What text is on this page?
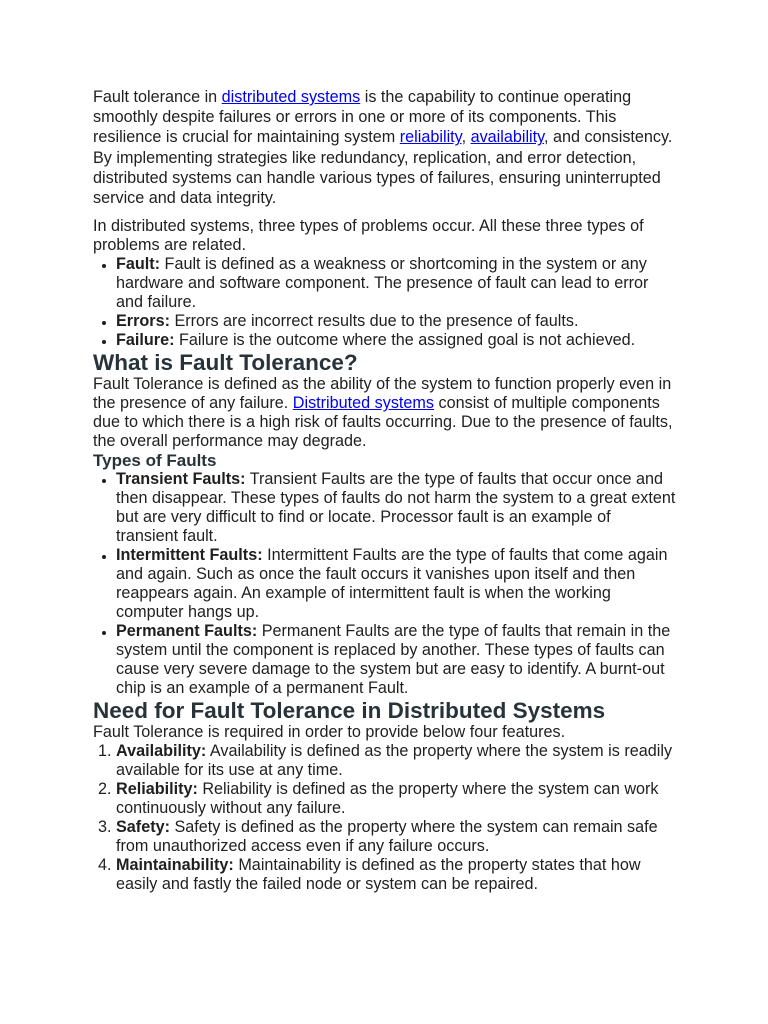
Fault tolerance in distributed systems is the capability to continue operating smoothly despite failures or errors in one or more of its components. This resilience is crucial for maintaining system reliability, availability, and consistency. By implementing strategies like redundancy, replication, and error detection, distributed systems can handle various types of failures, ensuring uninterrupted service and data integrity.

In distributed systems, three types of problems occur. All these three types of problems are related.

• Fault: Fault is defined as a weakness or shortcoming in the system or any hardware and software component. The presence of fault can lead to error and failure.
• Errors: Errors are incorrect results due to the presence of faults.
• Failure: Failure is the outcome where the assigned goal is not achieved.
What is Fault Tolerance?

Fault Tolerance is defined as the ability of the system to function properly even in the presence of any failure. Distributed systems consist of multiple components due to which there is a high risk of faults occurring. Due to the presence of faults, the overall performance may degrade.

Types of Faults
• Transient Faults: Transient Faults are the type of faults that occur once and then disappear. These types of faults do not harm the system to a great extent but are very difficult to find or locate. Processor fault is an example of transient fault.
• Intermittent Faults: Intermittent Faults are the type of faults that come again and again. Such as once the fault occurs it vanishes upon itself and then reappears again. An example of intermittent fault is when the working computer hangs up.
• Permanent Faults: Permanent Faults are the type of faults that remain in the system until the component is replaced by another. These types of faults can cause very severe damage to the system but are easy to identify. A burnt-out chip is an example of a permanent Fault.
Need for Fault Tolerance in Distributed Systems

Fault Tolerance is required in order to provide below four features.

1. Availability: Availability is defined as the property where the system is readily available for its use at any time.
2. Reliability: Reliability is defined as the property where the system can work continuously without any failure.
3. Safety: Safety is defined as the property where the system can remain safe from unauthorized access even if any failure occurs.
4. Maintainability: Maintainability is defined as the property states that how easily and fastly the failed node or system can be repaired.
